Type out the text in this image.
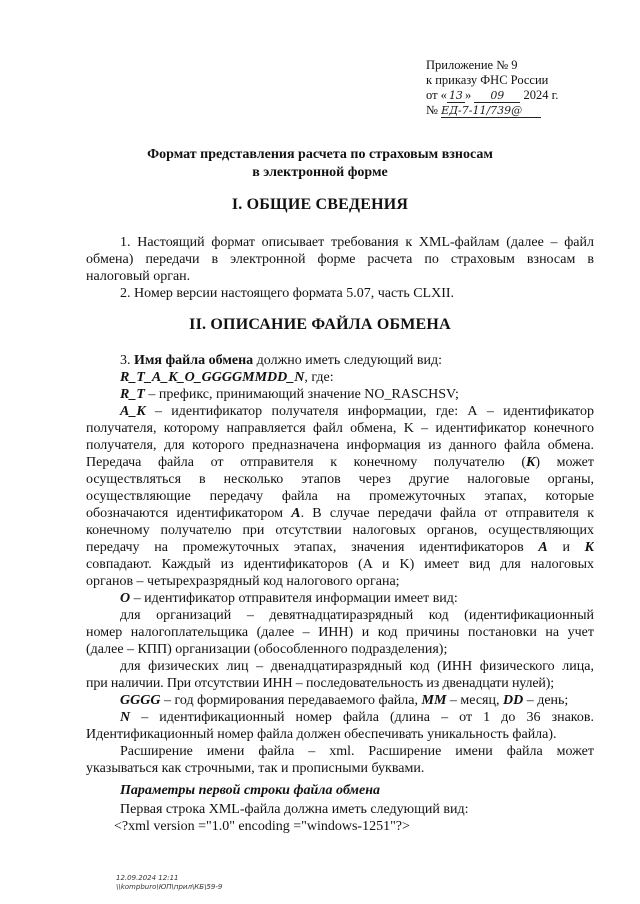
Приложение № 9
к приказу ФНС России
от « 13 » 09 2024 г.
№ ЕД-7-11/739@
Формат представления расчета по страховым взносам
в электронной форме
I. ОБЩИЕ СВЕДЕНИЯ
1. Настоящий формат описывает требования к XML-файлам (далее – файл
обмена) передачи в электронной форме расчета по страховым взносам в
налоговый орган.
2. Номер версии настоящего формата 5.07, часть CLXII.
II. ОПИСАНИЕ ФАЙЛА ОБМЕНА
3. Имя файла обмена должно иметь следующий вид:
R_T_A_K_O_GGGGMMDD_N, где:
R_T – префикс, принимающий значение NO_RASCHSV;
A_K – идентификатор получателя информации, где: А – идентификатор
получателя, которому направляется файл обмена, K – идентификатор конечного
получателя, для которого предназначена информация из данного файла обмена.
Передача файла от отправителя к конечному получателю (K) может
осуществляться в несколько этапов через другие налоговые органы,
осуществляющие передачу файла на промежуточных этапах, которые
обозначаются идентификатором А. В случае передачи файла от отправителя к
конечному получателю при отсутствии налоговых органов, осуществляющих
передачу на промежуточных этапах, значения идентификаторов А и K
совпадают. Каждый из идентификаторов (A и K) имеет вид для налоговых
органов – четырехразрядный код налогового органа;
O – идентификатор отправителя информации имеет вид:
для организаций – девятнадцатиразрядный код (идентификационный
номер налогоплательщика (далее – ИНН) и код причины постановки на учет
(далее – КПП) организации (обособленного подразделения);
для физических лиц – двенадцатиразрядный код (ИНН физического лица,
при наличии. При отсутствии ИНН – последовательность из двенадцати нулей);
GGGG – год формирования передаваемого файла, MM – месяц, DD – день;
N – идентификационный номер файла (длина – от 1 до 36 знаков.
Идентификационный номер файла должен обеспечивать уникальность файла).
Расширение имени файла – xml. Расширение имени файла может
указываться как строчными, так и прописными буквами.
Параметры первой строки файла обмена
Первая строка XML-файла должна иметь следующий вид:
<?xml version ="1.0" encoding ="windows-1251"?>
12.09.2024 12:11
\\kompburo\ЮП\прил\КБ\59-9
